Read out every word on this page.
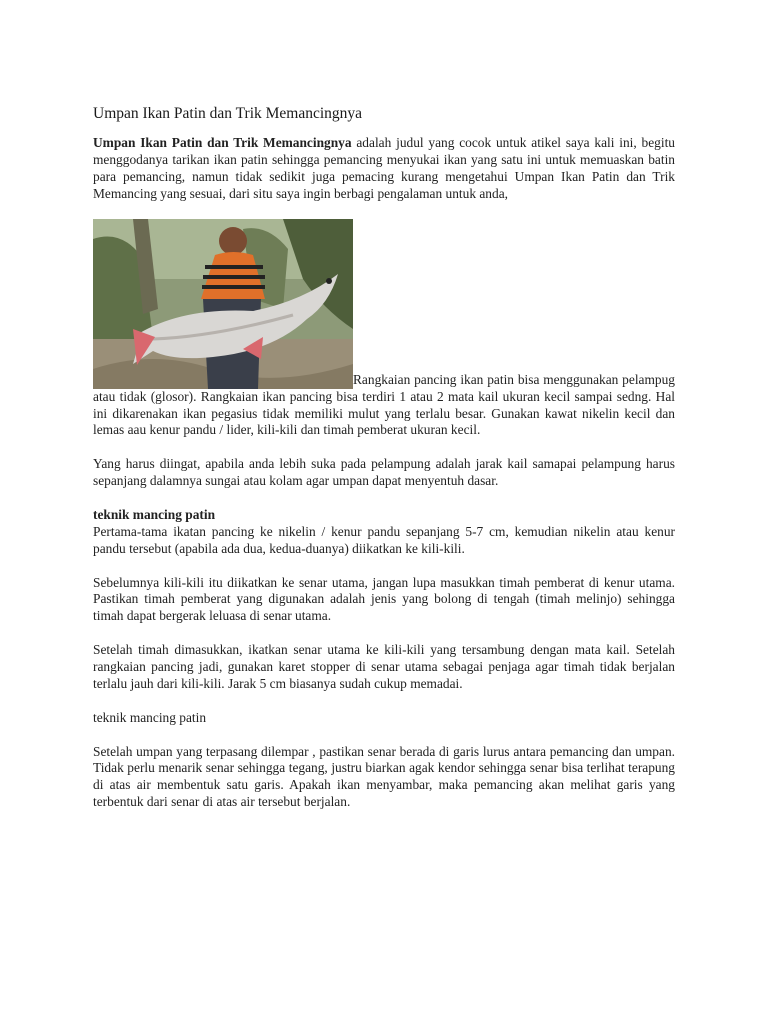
Umpan Ikan Patin dan Trik Memancingnya

Umpan Ikan Patin dan Trik Memancingnya adalah judul yang cocok untuk atikel saya kali ini, begitu menggodanya tarikan ikan patin sehingga pemancing menyukai ikan yang satu ini untuk memuaskan batin para pemancing, namun tidak sedikit juga pemacing kurang mengetahui Umpan Ikan Patin dan Trik Memancing yang sesuai, dari situ saya ingin berbagi pengalaman untuk anda,

Rangkaian pancing ikan patin bisa menggunakan pelampug atau tidak (glosor). Rangkaian ikan pancing bisa terdiri 1 atau 2 mata kail ukuran kecil sampai sedng. Hal ini dikarenakan ikan pegasius tidak memiliki mulut yang terlalu besar. Gunakan kawat nikelin kecil dan lemas aau kenur pandu / lider, kili-kili dan timah pemberat ukuran kecil.

Yang harus diingat, apabila anda lebih suka pada pelampung adalah jarak kail samapai pelampung harus sepanjang dalamnya sungai atau kolam agar umpan dapat menyentuh dasar.

teknik mancing patin

Pertama-tama ikatan pancing ke nikelin / kenur pandu sepanjang 5-7 cm, kemudian nikelin atau kenur pandu tersebut (apabila ada dua, kedua-duanya) diikatkan ke kili-kili.

Sebelumnya kili-kili itu diikatkan ke senar utama, jangan lupa masukkan timah pemberat di kenur utama. Pastikan timah pemberat yang digunakan adalah jenis yang bolong di tengah (timah melinjo) sehingga timah dapat bergerak leluasa di senar utama.

Setelah timah dimasukkan, ikatkan senar utama ke kili-kili yang tersambung dengan mata kail. Setelah rangkaian pancing jadi, gunakan karet stopper di senar utama sebagai penjaga agar timah tidak berjalan terlalu jauh dari kili-kili. Jarak 5 cm biasanya sudah cukup memadai.

teknik mancing patin

Setelah umpan yang terpasang dilempar , pastikan senar berada di garis lurus antara pemancing dan umpan. Tidak perlu menarik senar sehingga tegang, justru biarkan agak kendor sehingga senar bisa terlihat terapung di atas air membentuk satu garis. Apakah ikan menyambar, maka pemancing akan melihat garis yang terbentuk dari senar di atas air tersebut berjalan.
